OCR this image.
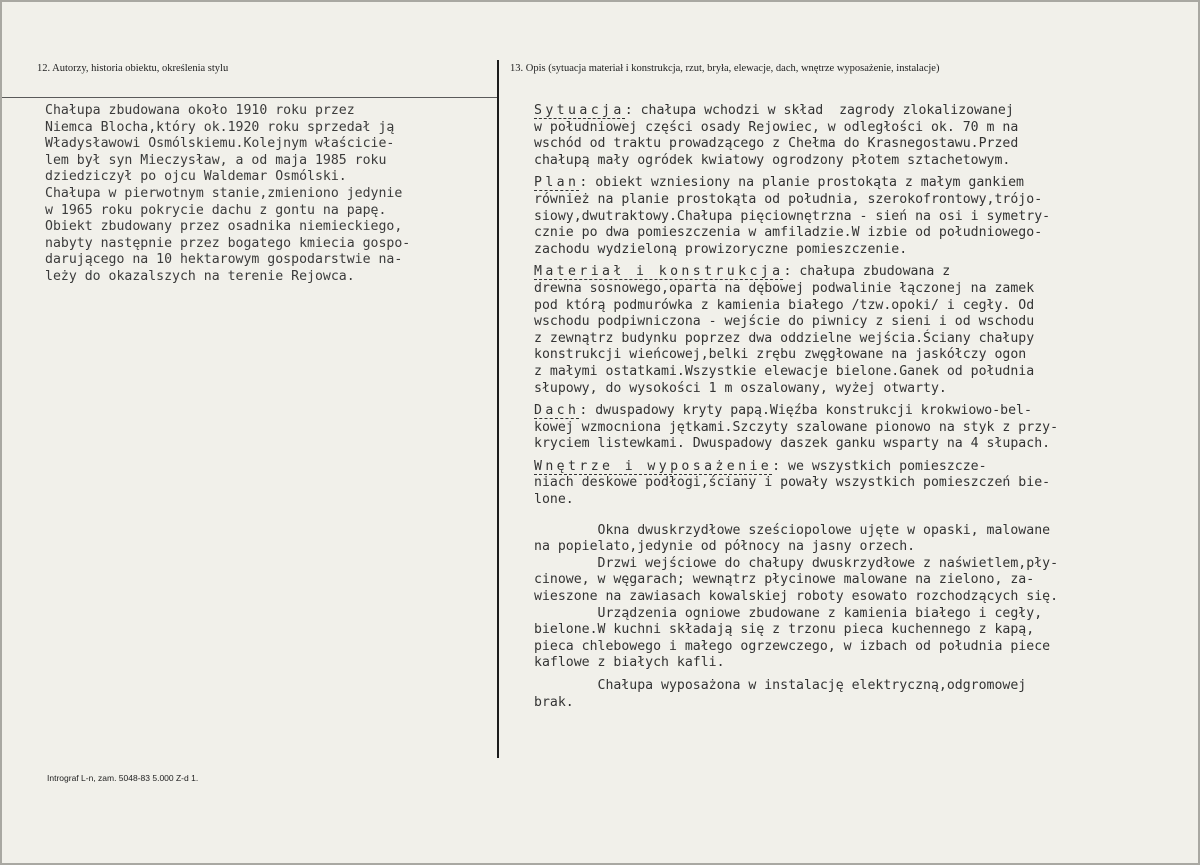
12. Autorzy, historia obiektu, określenia stylu	13. Opis (sytuacja materiał i konstrukcja, rzut, bryła, elewacje, dach, wnętrze wyposażenie, instalacje)
Chałupa zbudowana około 1910 roku przez
Niemca Blocha,który ok.1920 roku sprzedał ją
Władysławowi Osmólskiemu.Kolejnym właścicie-
lem był syn Mieczysław, a od maja 1985 roku
dziedziczył po ojcu Waldemar Osmólski.
Chałupa w pierwotnym stanie,zmieniono jedynie
w 1965 roku pokrycie dachu z gontu na papę.
Obiekt zbudowany przez osadnika niemieckiego,
nabyty następnie przez bogatego kmiecia gospo-
darującego na 10 hektarowym gospodarstwie na-
leży do okazalszych na terenie Rejowca.
Sytuacja: chałupa wchodzi w skład  zagrody zlokalizowanej
w południowej części osady Rejowiec, w odległości ok. 70 m na
wschód od traktu prowadzącego z Chełma do Krasnegostawu.Przed
chałupą mały ogródek kwiatowy ogrodzony płotem sztachetowym.
Plan: obiekt wzniesiony na planie prostokąta z małym gankiem
również na planie prostokąta od południa, szerokofrontowy,trójo-
siowy,dwutraktowy.Chałupa pięciownętrzna - sień na osi i symetry-
cznie po dwa pomieszczenia w amfiladzie.W izbie od południowego-
zachodu wydzieloną prowizoryczne pomieszczenie.
Materiał i konstrukcja: chałupa zbudowana z
drewna sosnowego,oparta na dębowej podwalinie łączonej na zamek
pod którą podmurówka z kamienia białego /tzw.opoki/ i cegły. Od
wschodu podpiwniczona - wejście do piwnicy z sieni i od wschodu
z zewnątrz budynku poprzez dwa oddzielne wejścia.Ściany chałupy
konstrukcji wieńcowej,belki zrębu zwęgłowane na jaskółczy ogon
z małymi ostatkami.Wszystkie elewacje bielone.Ganek od południa
słupowy, do wysokości 1 m oszalowany, wyżej otwarty.
Dach: dwuspadowy kryty papą.Więźba konstrukcji krokwiowo-bel-
kowej wzmocniona jętkami.Szczyty szalowane pionowo na styk z przy-
kryciem listewkami. Dwuspadowy daszek ganku wsparty na 4 słupach.
Wnętrze i wyposażenie: we wszystkich pomieszcze-
niach deskowe podłogi,ściany i powały wszystkich pomieszczeń bie-
lone.
Okna dwuskrzydłowe sześciopolowe ujęte w opaski, malowane
na popielato,jedynie od północy na jasny orzech.
Drzwi wejściowe do chałupy dwuskrzydłowe z naświetlem,pły-
cinowe, w węgarach; wewnątrz płycinowe malowane na zielono, za-
wieszone na zawiasach kowalskiej roboty esowato rozchodzących się.
Urządzenia ogniowe zbudowane z kamienia białego i cegły,
bielone.W kuchni składają się z trzonu pieca kuchennego z kapą,
pieca chlebowego i małego ogrzewczego, w izbach od południa piece
kaflowe z białych kafli.
Chałupa wyposażona w instalację elektryczną,odgromowej
brak.
Intrograf L-n, zam. 5048-83 5.000 Z-d 1.
